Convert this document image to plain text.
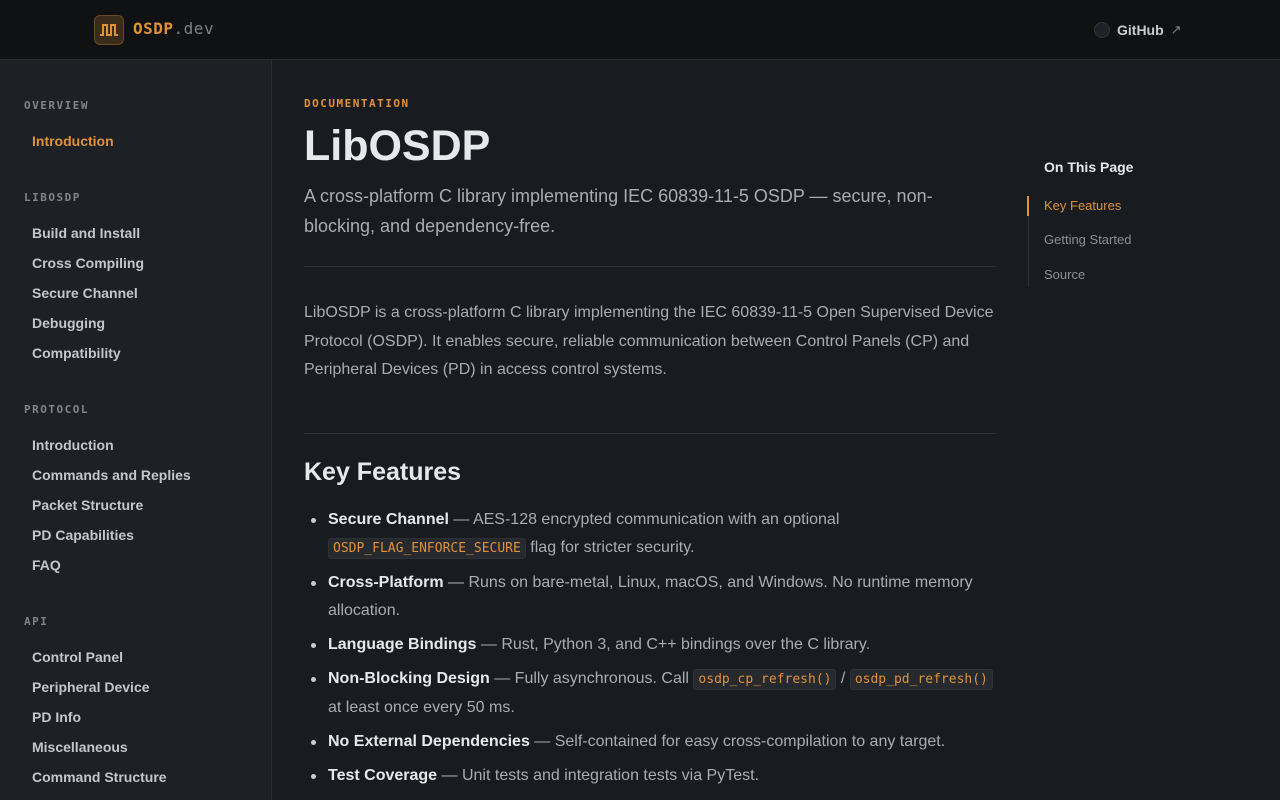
OSDP.dev	GitHub ↗
OVERVIEW
Introduction
LIBOSDP
Build and Install
Cross Compiling
Secure Channel
Debugging
Compatibility
PROTOCOL
Introduction
Commands and Replies
Packet Structure
PD Capabilities
FAQ
API
Control Panel
Peripheral Device
PD Info
Miscellaneous
Command Structure
DOCUMENTATION
LibOSDP

A cross-platform C library implementing IEC 60839-11-5 OSDP — secure, non-blocking, and dependency-free.

LibOSDP is a cross-platform C library implementing the IEC 60839-11-5 Open Supervised Device Protocol (OSDP). It enables secure, reliable communication between Control Panels (CP) and Peripheral Devices (PD) in access control systems.

Key Features
Secure Channel — AES-128 encrypted communication with an optional OSDP_FLAG_ENFORCE_SECURE flag for stricter security.
Cross-Platform — Runs on bare-metal, Linux, macOS, and Windows. No runtime memory allocation.
Language Bindings — Rust, Python 3, and C++ bindings over the C library.
Non-Blocking Design — Fully asynchronous. Call osdp_cp_refresh() / osdp_pd_refresh() at least once every 50 ms.
No External Dependencies — Self-contained for easy cross-compilation to any target.
Test Coverage — Unit tests and integration tests via PyTest.
On This Page
Key Features
Getting Started
Source
